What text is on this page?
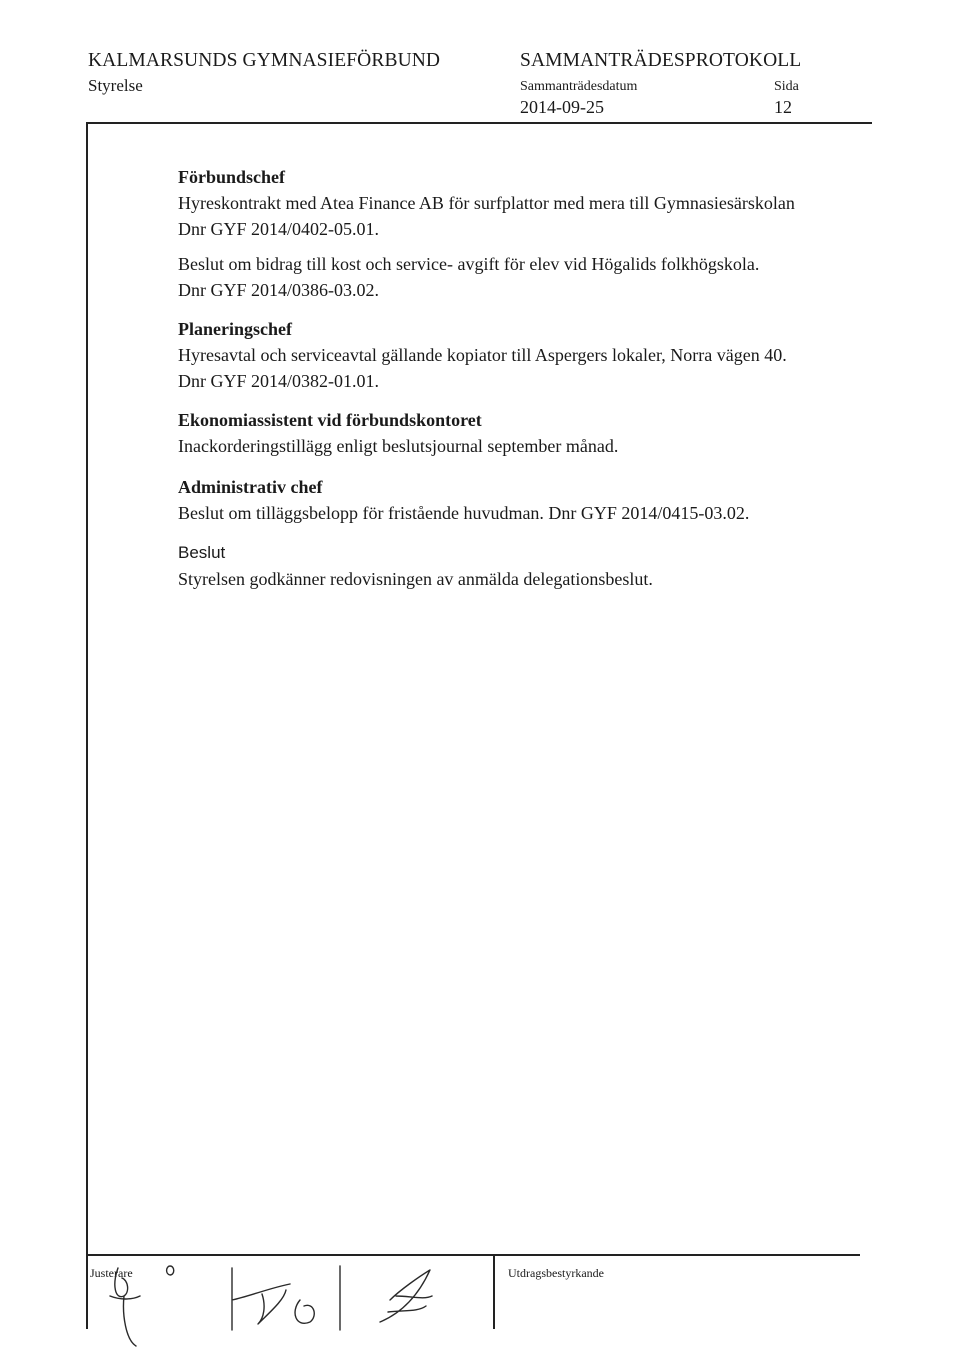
KALMARSUNDS GYMNASIEFÖRBUND
Styrelse
SAMMANTRÄDESPROTOKOLL
Sammanträdesdatum	Sida
2014-09-25	12
Förbundschef
Hyreskontrakt med Atea Finance AB för surfplattor med mera till Gymnasiesärskolan
Dnr GYF 2014/0402-05.01.
Beslut om bidrag till kost och service- avgift för elev vid Högalids folkhögskola.
Dnr GYF 2014/0386-03.02.
Planeringschef
Hyresavtal och serviceavtal gällande kopiator till Aspergers lokaler, Norra vägen 40.
Dnr GYF 2014/0382-01.01.
Ekonomiassistent vid förbundskontoret
Inackorderingstillägg enligt beslutsjournal september månad.
Administrativ chef
Beslut om tilläggsbelopp för fristående huvudman. Dnr GYF 2014/0415-03.02.
Beslut
Styrelsen godkänner redovisningen av anmälda delegationsbeslut.
Justerare	Utdragsbestyrkande
